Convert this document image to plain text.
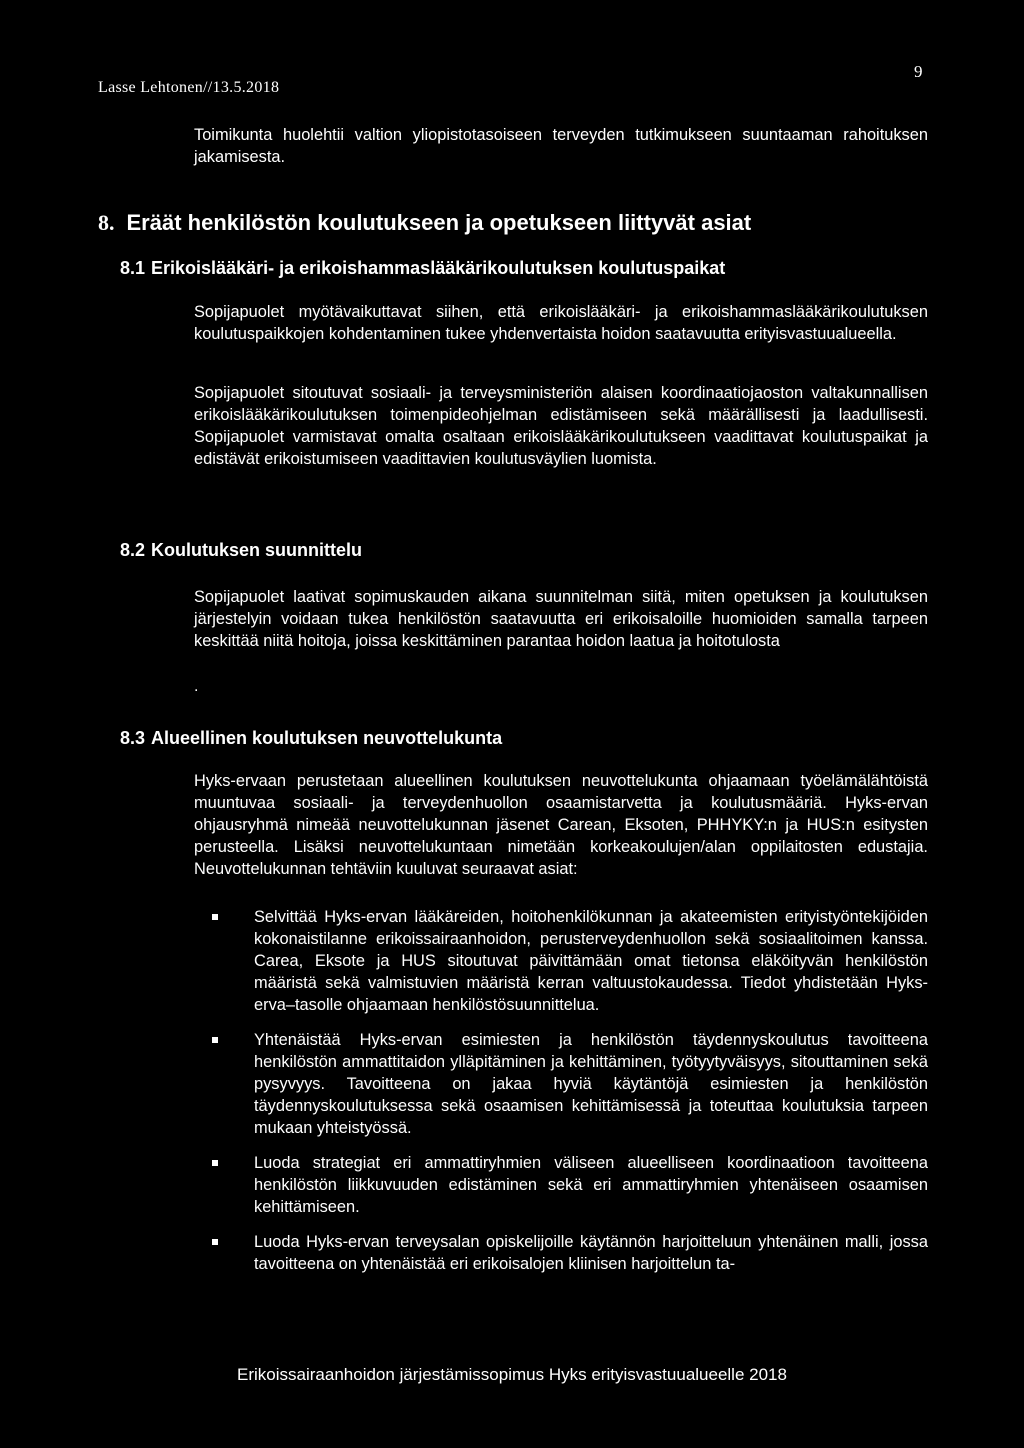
Lasse Lehtonen//13.5.2018
9

Toimikunta huolehtii valtion yliopistotasoiseen terveyden tutkimukseen suuntaaman rahoituksen jakamisesta.

8. Eräät henkilöstön koulutukseen ja opetukseen liittyvät asiat
8.1 Erikoislääkäri- ja erikoishammaslääkärikoulutuksen koulutuspaikat

Sopijapuolet myötävaikuttavat siihen, että erikoislääkäri- ja erikoishammaslääkärikoulutuksen koulutuspaikkojen kohdentaminen tukee yhdenvertaista hoidon saatavuutta erityisvastuualueella.

Sopijapuolet sitoutuvat sosiaali- ja terveysministeriön alaisen koordinaatiojaoston valtakunnallisen erikoislääkärikoulutuksen toimenpideohjelman edistämiseen sekä määrällisesti ja laadullisesti. Sopijapuolet varmistavat omalta osaltaan erikoislääkärikoulutukseen vaadittavat koulutuspaikat ja edistävät erikoistumiseen vaadittavien koulutusväylien luomista.

8.2 Koulutuksen suunnittelu

Sopijapuolet laativat sopimuskauden aikana suunnitelman siitä, miten opetuksen ja koulutuksen järjestelyin voidaan tukea henkilöstön saatavuutta eri erikoisaloille huomioiden samalla tarpeen keskittää niitä hoitoja, joissa keskittäminen parantaa hoidon laatua ja hoitotulosta

.
8.3 Alueellinen koulutuksen neuvottelukunta

Hyks-ervaan perustetaan alueellinen koulutuksen neuvottelukunta ohjaamaan työelämälähtöistä muuntuvaa sosiaali- ja terveydenhuollon osaamistarvetta ja koulutusmääriä. Hyks-ervan ohjausryhmä nimeää neuvottelukunnan jäsenet Carean, Eksoten, PHHYKY:n ja HUS:n esitysten perusteella. Lisäksi neuvottelukuntaan nimetään korkeakoulujen/alan oppilaitosten edustajia. Neuvottelukunnan tehtäviin kuuluvat seuraavat asiat:

Selvittää Hyks-ervan lääkäreiden, hoitohenkilökunnan ja akateemisten erityistyöntekijöiden kokonaistilanne erikoissairaanhoidon, perusterveydenhuollon sekä sosiaalitoimen kanssa. Carea, Eksote ja HUS sitoutuvat päivittämään omat tietonsa eläköityvän henkilöstön määristä sekä valmistuvien määristä kerran valtuustokaudessa. Tiedot yhdistetään Hyks-erva–tasolle ohjaamaan henkilöstösuunnittelua.
Yhtenäistää Hyks-ervan esimiesten ja henkilöstön täydennyskoulutus tavoitteena henkilöstön ammattitaidon ylläpitäminen ja kehittäminen, työtyytyväisyys, sitouttaminen sekä pysyvyys. Tavoitteena on jakaa hyviä käytäntöjä esimiesten ja henkilöstön täydennyskoulutuksessa sekä osaamisen kehittämisessä ja toteuttaa koulutuksia tarpeen mukaan yhteistyössä.
Luoda strategiat eri ammattiryhmien väliseen alueelliseen koordinaatioon tavoitteena henkilöstön liikkuvuuden edistäminen sekä eri ammattiryhmien yhtenäiseen osaamisen kehittämiseen.
Luoda Hyks-ervan terveysalan opiskelijoille käytännön harjoitteluun yhtenäinen malli, jossa tavoitteena on yhtenäistää eri erikoisalojen kliinisen harjoittelun ta-
Erikoissairaanhoidon järjestämissopimus Hyks erityisvastuualueelle 2018
